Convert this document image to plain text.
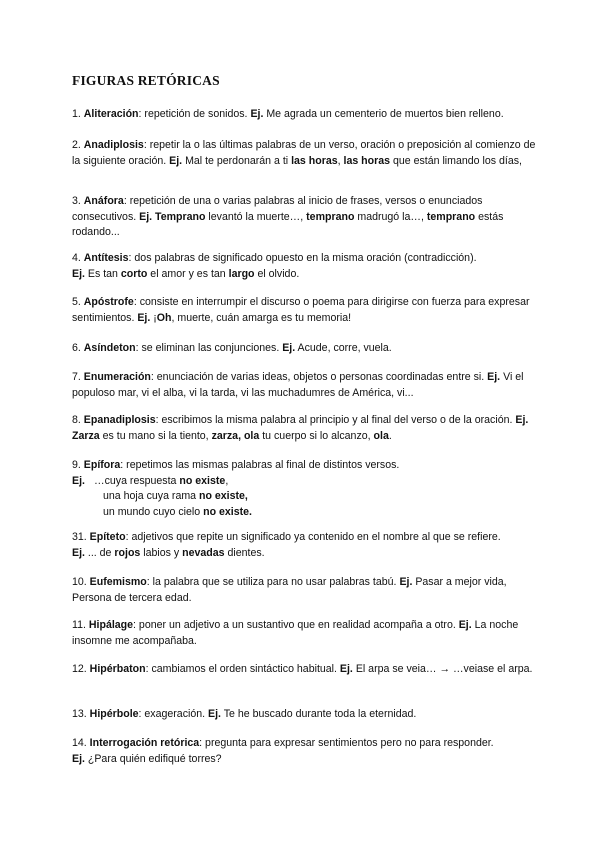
FIGURAS RETÓRICAS

1. Aliteración: repetición de sonidos. Ej. Me agrada un cementerio de muertos bien relleno.

2. Anadiplosis: repetir la o las últimas palabras de un verso, oración o preposición al comienzo de la siguiente oración. Ej. Mal te perdonarán a ti las horas, las horas que están limando los días,

3. Anáfora: repetición de una o varias palabras al inicio de frases, versos o enunciados consecutivos. Ej. Temprano levantó la muerte…, temprano madrugó la…, temprano estás rodando...

4. Antítesis: dos palabras de significado opuesto en la misma oración (contradicción).
Ej. Es tan corto el amor y es tan largo el olvido.

5. Apóstrofe: consiste en interrumpir el discurso o poema para dirigirse con fuerza para expresar sentimientos. Ej. ¡Oh, muerte, cuán amarga es tu memoria!

6. Asíndeton: se eliminan las conjunciones. Ej. Acude, corre, vuela.

7. Enumeración: enunciación de varias ideas, objetos o personas coordinadas entre si. Ej. Vi el populoso mar, vi el alba, vi la tarda, vi las muchadumres de América, vi...

8. Epanadiplosis: escribimos la misma palabra al principio y al final del verso o de la oración. Ej. Zarza es tu mano si la tiento, zarza, ola tu cuerpo si lo alcanzo, ola.

9. Epífora: repetimos las mismas palabras al final de distintos versos.
Ej. …cuya respuesta no existe,
una hoja cuya rama no existe,
un mundo cuyo cielo no existe.

31. Epíteto: adjetivos que repite un significado ya contenido en el nombre al que se refiere.
Ej. ... de rojos labios y nevadas dientes.

10. Eufemismo: la palabra que se utiliza para no usar palabras tabú. Ej. Pasar a mejor vida, Persona de tercera edad.

11. Hipálage: poner un adjetivo a un sustantivo que en realidad acompaña a otro. Ej. La noche insomne me acompañaba.

12. Hipérbaton: cambiamos el orden sintáctico habitual. Ej. El arpa se veia… → …veiase el arpa.

13. Hipérbole: exageración. Ej. Te he buscado durante toda la eternidad.

14. Interrogación retórica: pregunta para expresar sentimientos pero no para responder.
Ej. ¿Para quién edifiqué torres?
